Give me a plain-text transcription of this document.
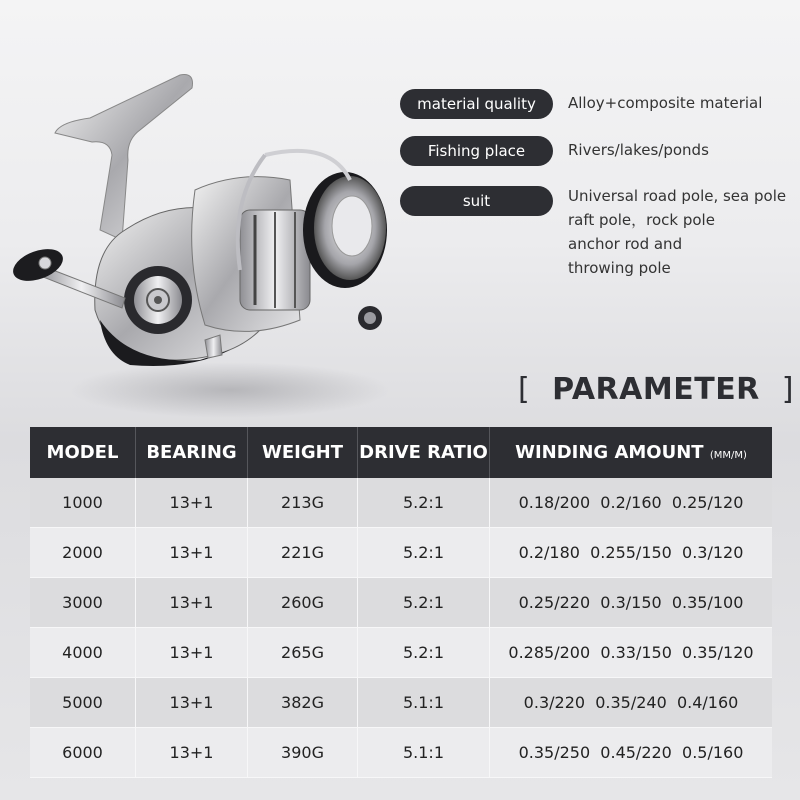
material quality	Alloy+composite material
Fishing place	Rivers/lakes/ponds
suit	Universal road pole, sea pole
raft pole，rock pole
anchor rod and
throwing pole
[ PARAMETER ]
MODEL	BEARING	WEIGHT	DRIVE RATIO	WINDING AMOUNT (MM/M)
1000	13+1	213G	5.2:1	0.18/200  0.2/160  0.25/120
2000	13+1	221G	5.2:1	0.2/180  0.255/150  0.3/120
3000	13+1	260G	5.2:1	0.25/220  0.3/150  0.35/100
4000	13+1	265G	5.2:1	0.285/200  0.33/150  0.35/120
5000	13+1	382G	5.1:1	0.3/220  0.35/240  0.4/160
6000	13+1	390G	5.1:1	0.35/250  0.45/220  0.5/160
